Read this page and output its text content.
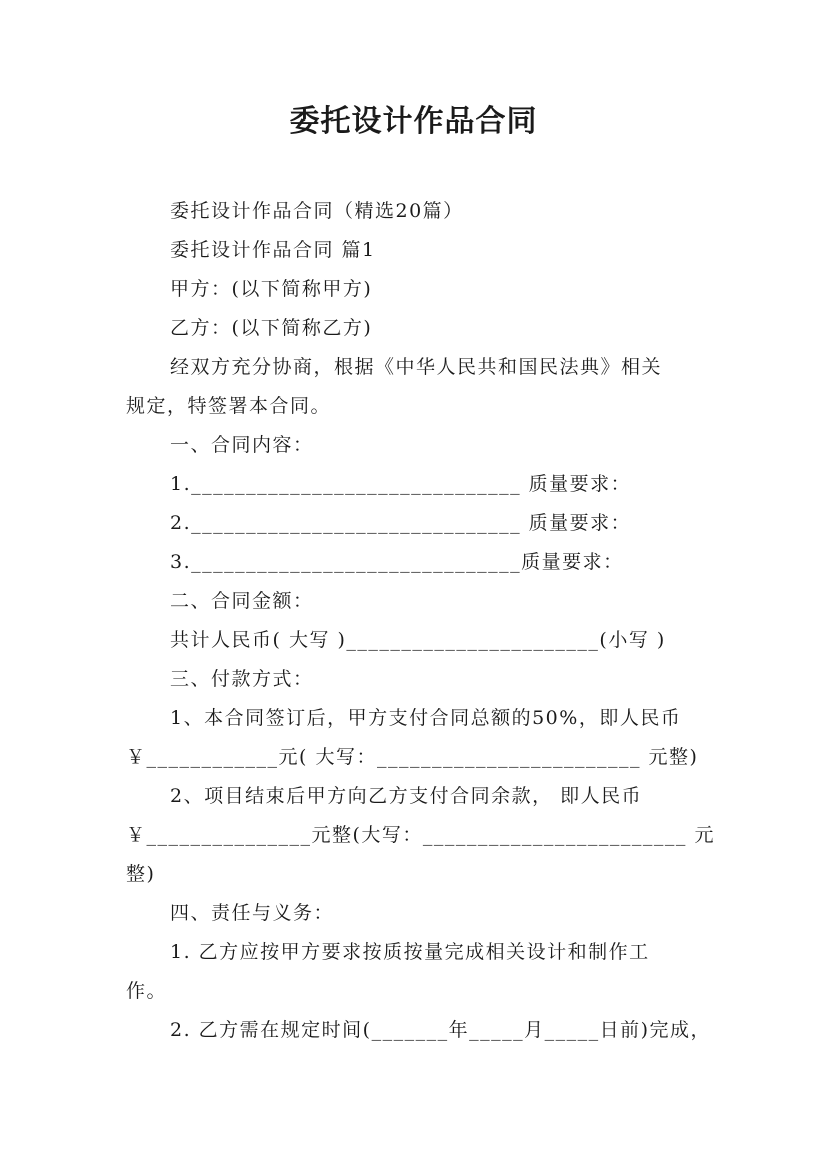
委托设计作品合同
委托设计作品合同（精选20篇）
委托设计作品合同 篇1
甲方：(以下简称甲方)
乙方：(以下简称乙方)
经双方充分协商，根据《中华人民共和国民法典》相关
规定，特签署本合同。
一、合同内容：
1.______________________________ 质量要求：
2.______________________________ 质量要求：
3.______________________________质量要求：
二、合同金额：
共计人民币( 大写 )_______________________(小写 )
三、付款方式：
1、本合同签订后，甲方支付合同总额的50%，即人民币
￥____________元( 大写：________________________ 元整)
2、项目结束后甲方向乙方支付合同余款， 即人民币
￥_______________元整(大写：________________________ 元
整)
四、责任与义务：
1. 乙方应按甲方要求按质按量完成相关设计和制作工
作。
2. 乙方需在规定时间(_______年_____月_____日前)完成，
